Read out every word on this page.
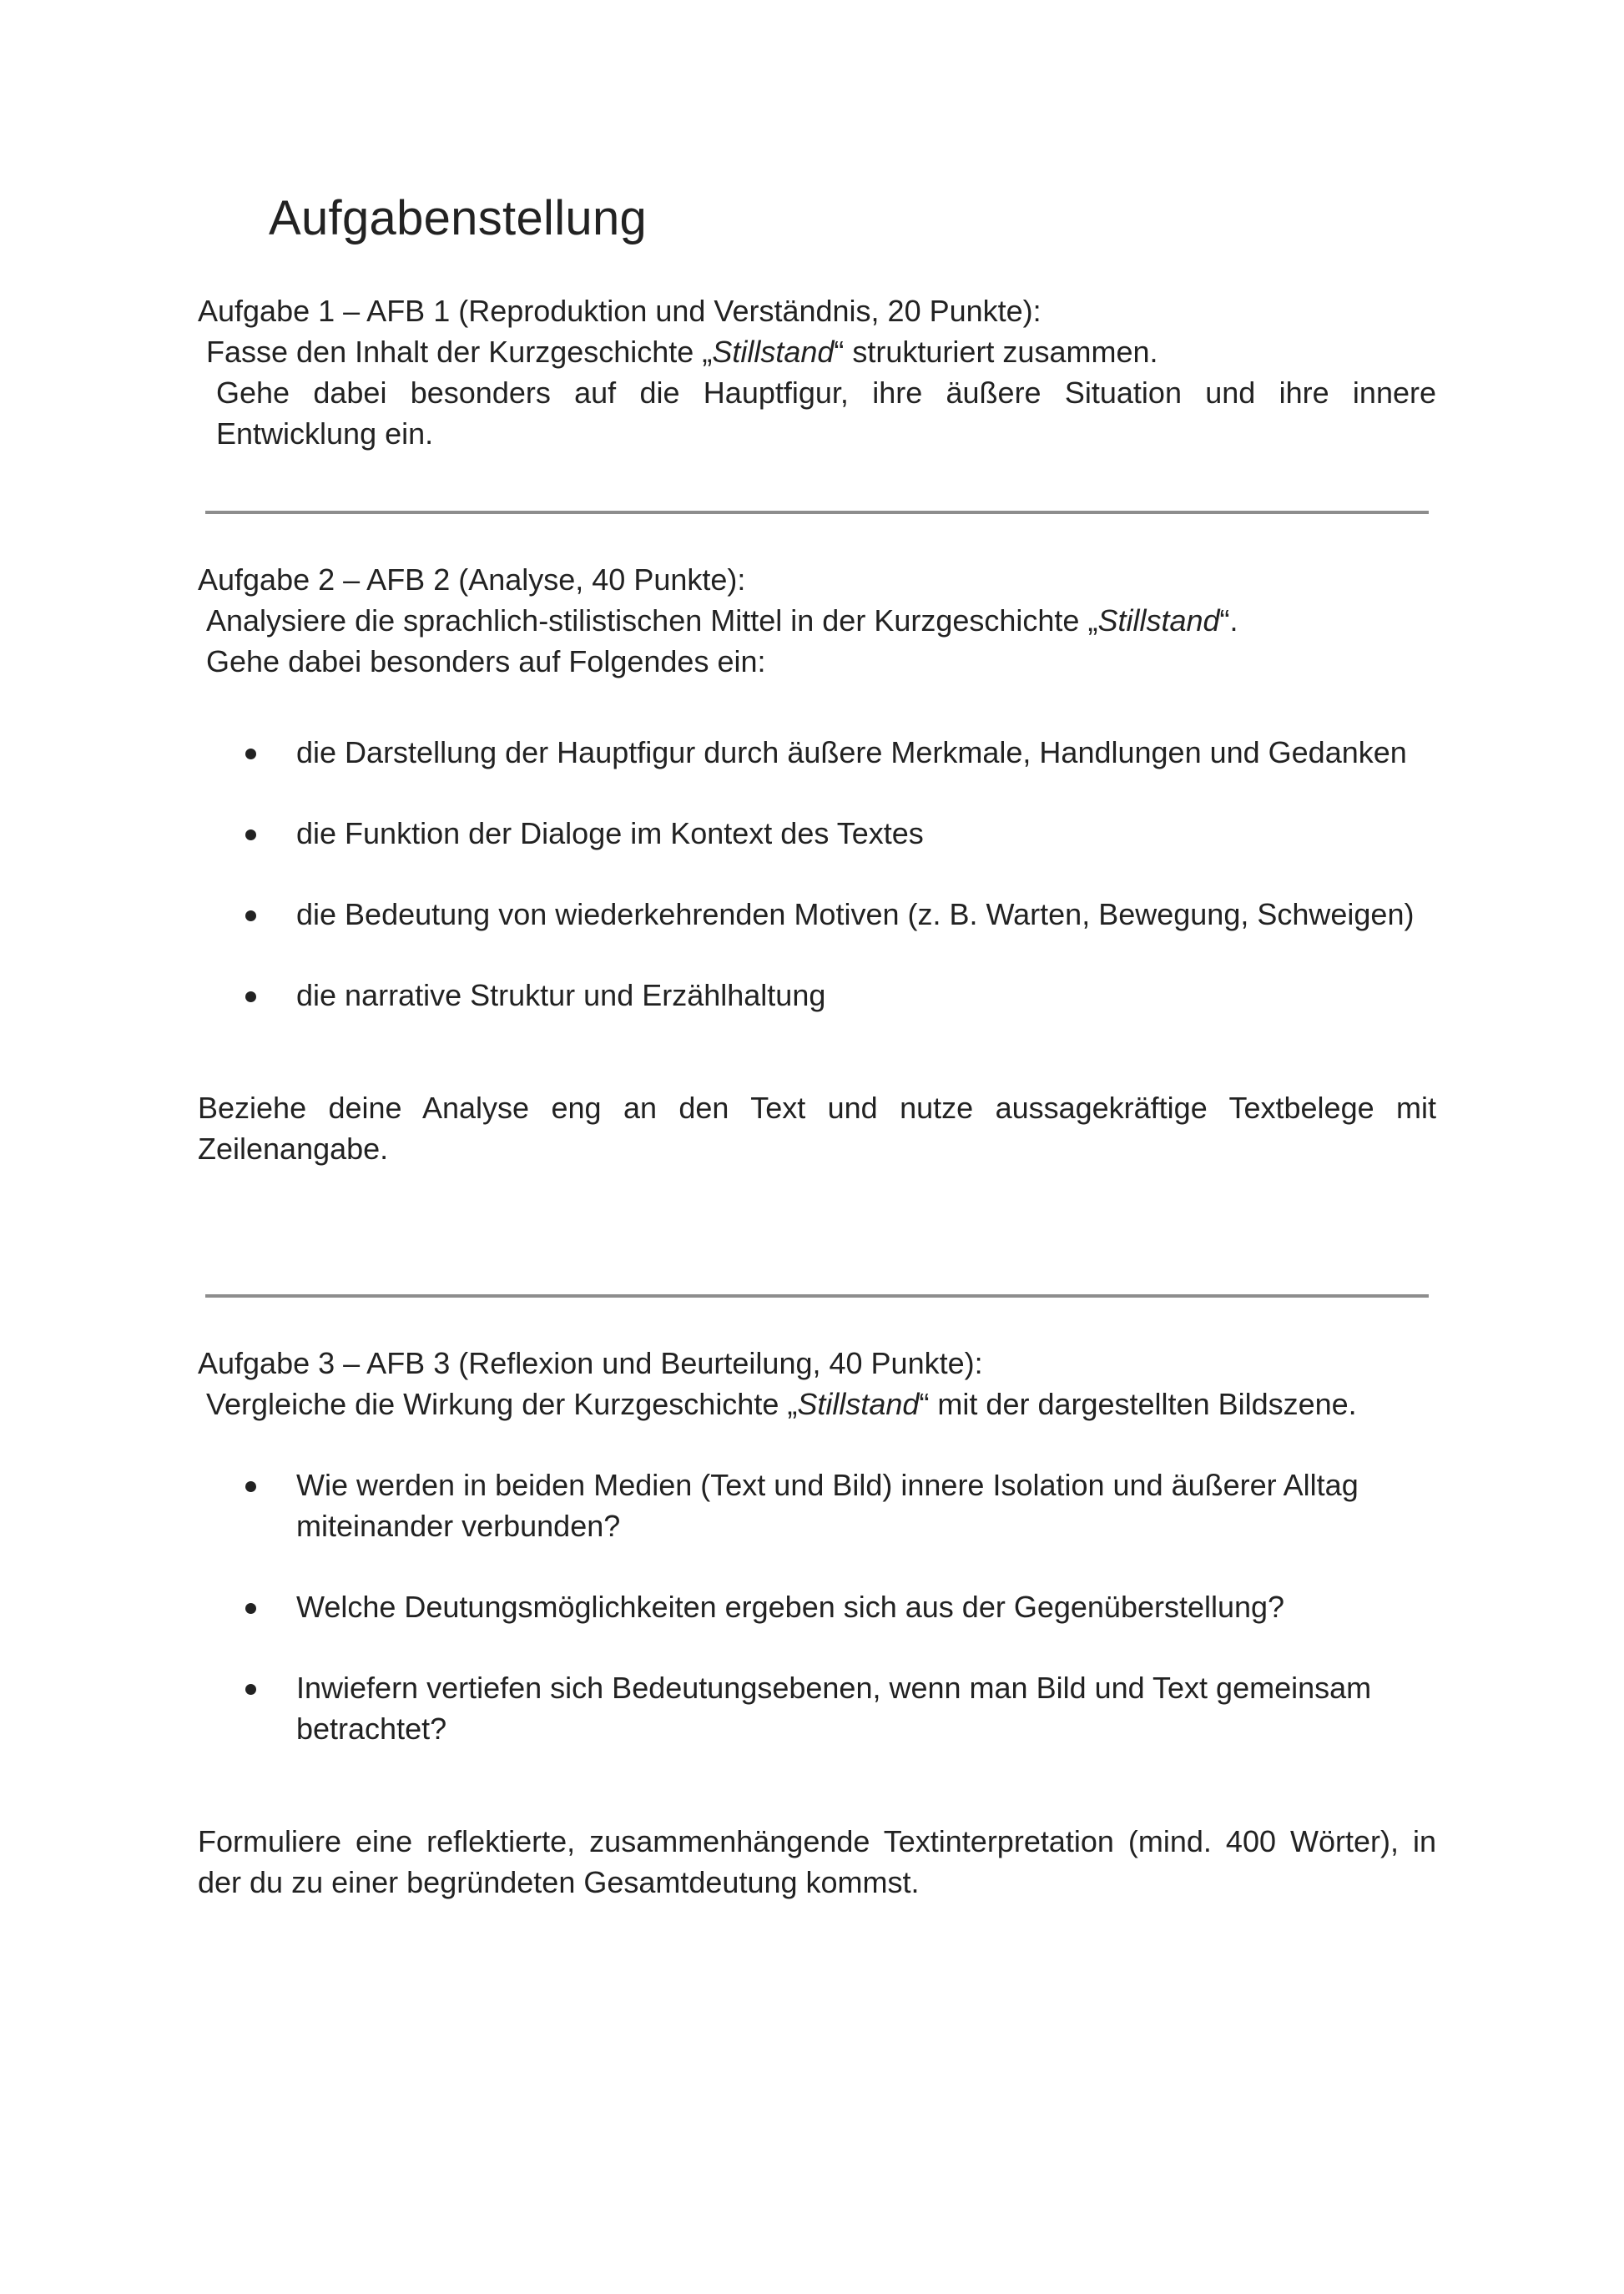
Aufgabenstellung

Aufgabe 1 – AFB 1 (Reproduktion und Verständnis, 20 Punkte):

Fasse den Inhalt der Kurzgeschichte „Stillstand“ strukturiert zusammen.

Gehe dabei besonders auf die Hauptfigur, ihre äußere Situation und ihre innere Entwicklung ein.

Aufgabe 2 – AFB 2 (Analyse, 40 Punkte):

Analysiere die sprachlich-stilistischen Mittel in der Kurzgeschichte „Stillstand“.

Gehe dabei besonders auf Folgendes ein:

die Darstellung der Hauptfigur durch äußere Merkmale, Handlungen und Gedanken
die Funktion der Dialoge im Kontext des Textes
die Bedeutung von wiederkehrenden Motiven (z. B. Warten, Bewegung, Schweigen)
die narrative Struktur und Erzählhaltung

Beziehe deine Analyse eng an den Text und nutze aussagekräftige Textbelege mit Zeilenangabe.

Aufgabe 3 – AFB 3 (Reflexion und Beurteilung, 40 Punkte):

Vergleiche die Wirkung der Kurzgeschichte „Stillstand“ mit der dargestellten Bildszene.

Wie werden in beiden Medien (Text und Bild) innere Isolation und äußerer Alltag miteinander verbunden?
Welche Deutungsmöglichkeiten ergeben sich aus der Gegenüberstellung?
Inwiefern vertiefen sich Bedeutungsebenen, wenn man Bild und Text gemeinsam betrachtet?

Formuliere eine reflektierte, zusammenhängende Textinterpretation (mind. 400 Wörter), in der du zu einer begründeten Gesamtdeutung kommst.
